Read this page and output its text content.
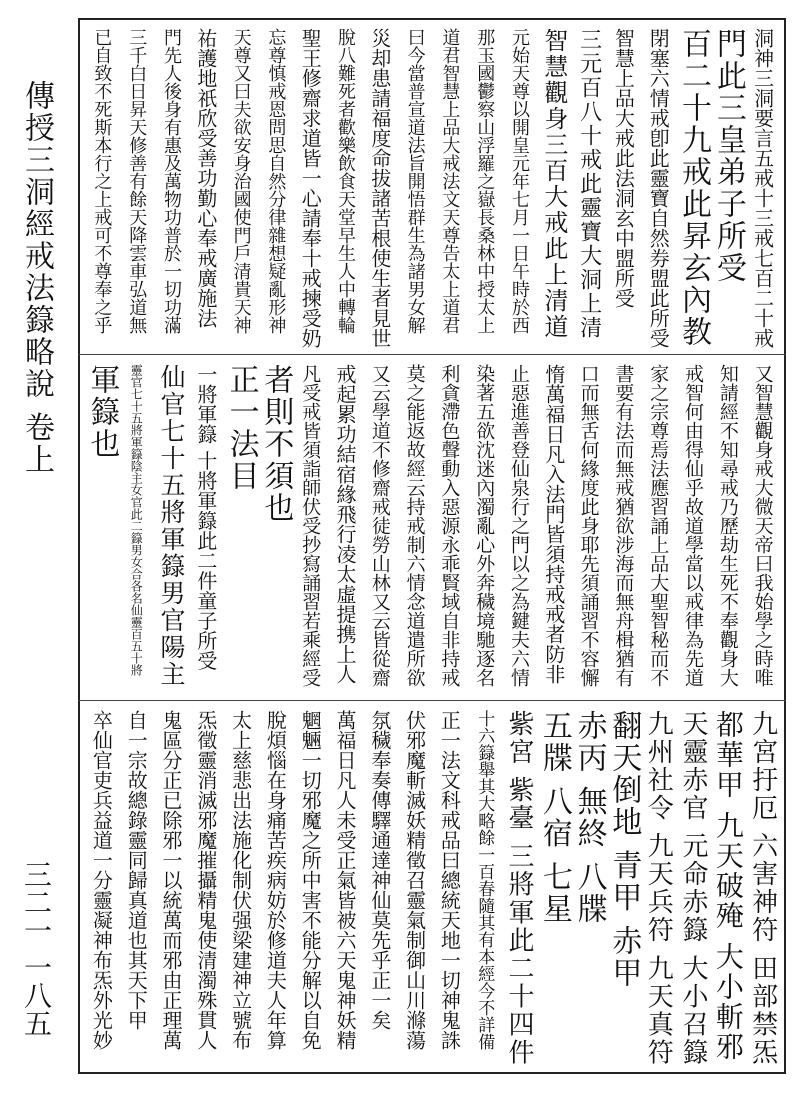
傳授三洞經戒法籙略說 卷上
三二一 一八五
洞神三洞要言五戒十三戒七百二十戒
門此三皇弟子所受
百二十九戒此昇玄內教
閉塞六情戒卽此靈寶自然券盟此所受
智慧上品大戒此法洞玄中盟所受
三元百八十戒此靈寶大洞上清
智慧觀身三百大戒此上清道
元始天尊以開皇元年七月一日午時於西
那玉國鬱察山浮羅之嶽長桑林中授太上
道君智慧上品大戒法文天尊告太上道君
曰今當普宣道法旨開悟群生為諸男女解
災却患請福度命拔諸苦根使生者見世
脫八難死者歡樂飲食天堂早生人中轉輪
聖王修齋求道皆一心請奉十戒揀受奶
忘尊慎戒恩問思自然分律雜想疑亂形神
天尊又曰夫欲安身治國使門戶清貴天神
祐護地祇欣受善功勤心奉戒廣施法
門先人後身有惠及萬物功普於一切功滿
三千白日昇天修善有餘天降雲車弘道無
已自致不死斯本行之上戒可不尊奉之乎
又智慧觀身戒大微天帝曰我始學之時唯
知請經不知尋戒乃歷劫生死不奉觀身大
戒智何由得仙乎故道學當以戒律為先道
家之宗尊焉法應習誦上品大聖智秘而不
書要有法而無戒猶欲涉海而無舟楫猶有
口而無舌何緣度此身耶先須誦習不容懈
惰萬福日凡入法門皆須持戒戒者防非
止惡進善登仙泉行之門以之為鍵夫六情
染著五欲沈迷內濁亂心外奔穢境馳逐名
利貪滯色聲動入惡源永乖賢域自非持戒
莫之能返故經云持戒制六情念道遣所欲
又云學道不修齋戒徒勞山林又云皆從齋
戒起累功結宿緣飛行凌太虛提携上人
凡受戒皆須詣師伏受抄寫誦習若乘經受
者則不須也
正一法目
一將軍籙 十將軍籙此二件童子所受
仙官七十五將軍籙男官陽主
靈官七十五將軍籙陰主女官此二籙男女合各名仙靈百五十將
軍籙也
九宮扜厄 六害神符 田部禁炁
都華甲 九天破殗 大小斬邪
天靈赤官 元命赤籙 大小召籙
九州社令 九天兵符 九天真符
翻天倒地 青甲 赤甲
赤丙 無終 八牒
五牒 八宿 七星
紫宮 紫臺 三將軍此二十四件
十六籙舉其大略餘一百春隨其有本經今不詳備
正一法文科戒品曰總統天地一切神鬼誅
伏邪魔斬滅妖精徵召靈氣制御山川滌蕩
氛穢奉奏傳驛通達神仙莫先乎正一矣
萬福日凡人未受正氣皆被六天鬼神妖精
魍魎一切邪魔之所中害不能分解以自免
脫煩惱在身痛苦疾病妨於修道夫人年算
太上慈悲出法施化制伏强梁建神立號布
炁徵靈消滅邪魔摧攝精鬼使清濁殊貫人
鬼區分正已除邪一以統萬而邪由正理萬
自一宗故總錄靈同歸真道也其天下甲
卒仙官吏兵益道一分靈凝神布炁外光妙
